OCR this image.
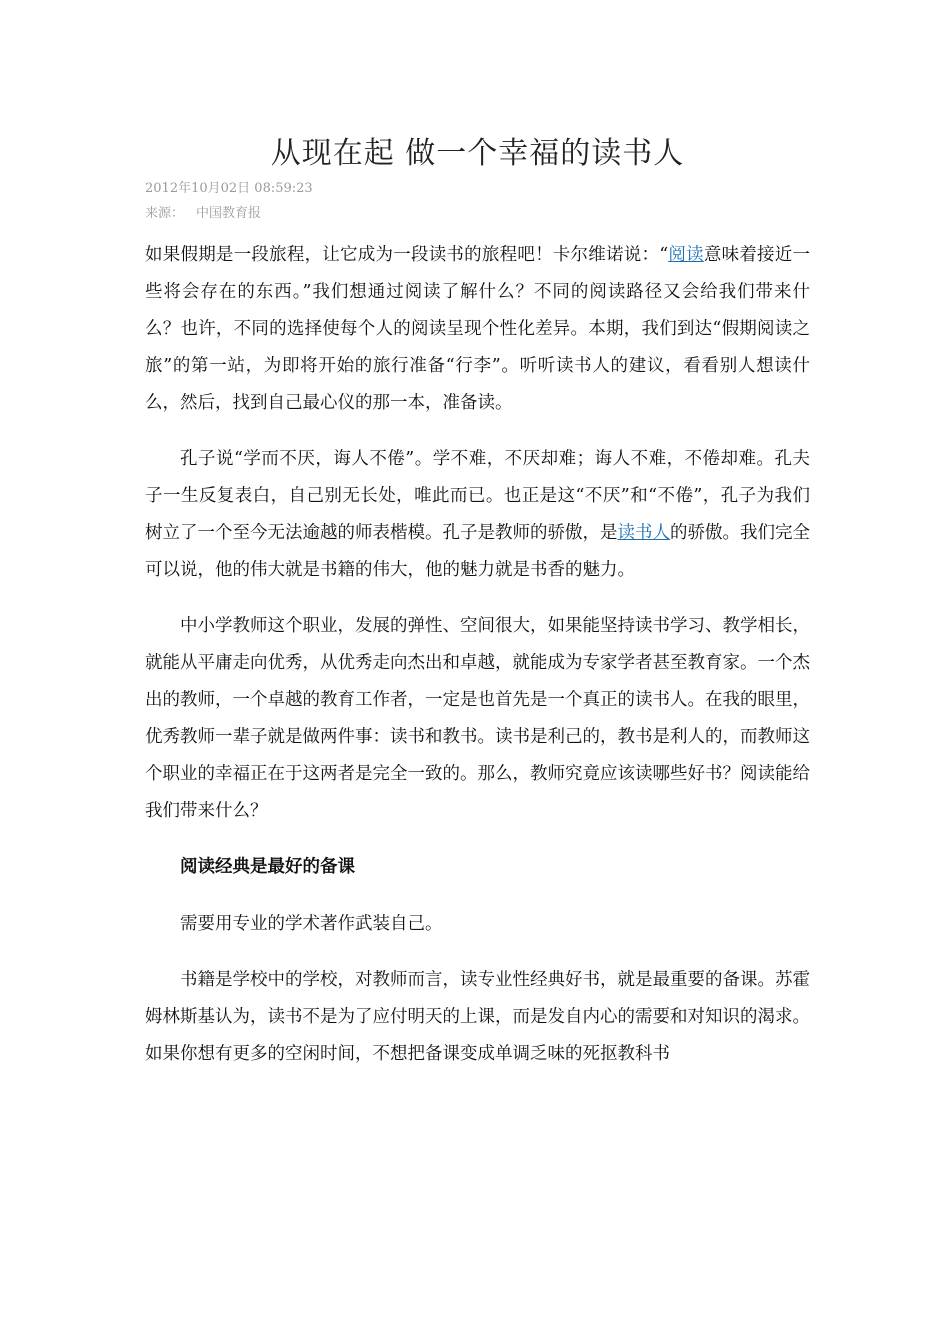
从现在起 做一个幸福的读书人
2012年10月02日 08:59:23
来源： 中国教育报

如果假期是一段旅程，让它成为一段读书的旅程吧！卡尔维诺说：“阅读意味着接近一些将会存在的东西。”我们想通过阅读了解什么？不同的阅读路径又会给我们带来什么？也许，不同的选择使每个人的阅读呈现个性化差异。本期，我们到达“假期阅读之旅”的第一站，为即将开始的旅行准备“行李”。听听读书人的建议，看看别人想读什么，然后，找到自己最心仪的那一本，准备读。

孔子说“学而不厌，诲人不倦”。学不难，不厌却难；诲人不难，不倦却难。孔夫子一生反复表白，自己别无长处，唯此而已。也正是这“不厌”和“不倦”，孔子为我们树立了一个至今无法逾越的师表楷模。孔子是教师的骄傲，是读书人的骄傲。我们完全可以说，他的伟大就是书籍的伟大，他的魅力就是书香的魅力。

中小学教师这个职业，发展的弹性、空间很大，如果能坚持读书学习、教学相长，就能从平庸走向优秀，从优秀走向杰出和卓越，就能成为专家学者甚至教育家。一个杰出的教师，一个卓越的教育工作者，一定是也首先是一个真正的读书人。在我的眼里，优秀教师一辈子就是做两件事：读书和教书。读书是利己的，教书是利人的，而教师这个职业的幸福正在于这两者是完全一致的。那么，教师究竟应该读哪些好书？阅读能给我们带来什么？

阅读经典是最好的备课

需要用专业的学术著作武装自己。

书籍是学校中的学校，对教师而言，读专业性经典好书，就是最重要的备课。苏霍姆林斯基认为，读书不是为了应付明天的上课，而是发自内心的需要和对知识的渴求。如果你想有更多的空闲时间，不想把备课变成单调乏味的死抠教科书
